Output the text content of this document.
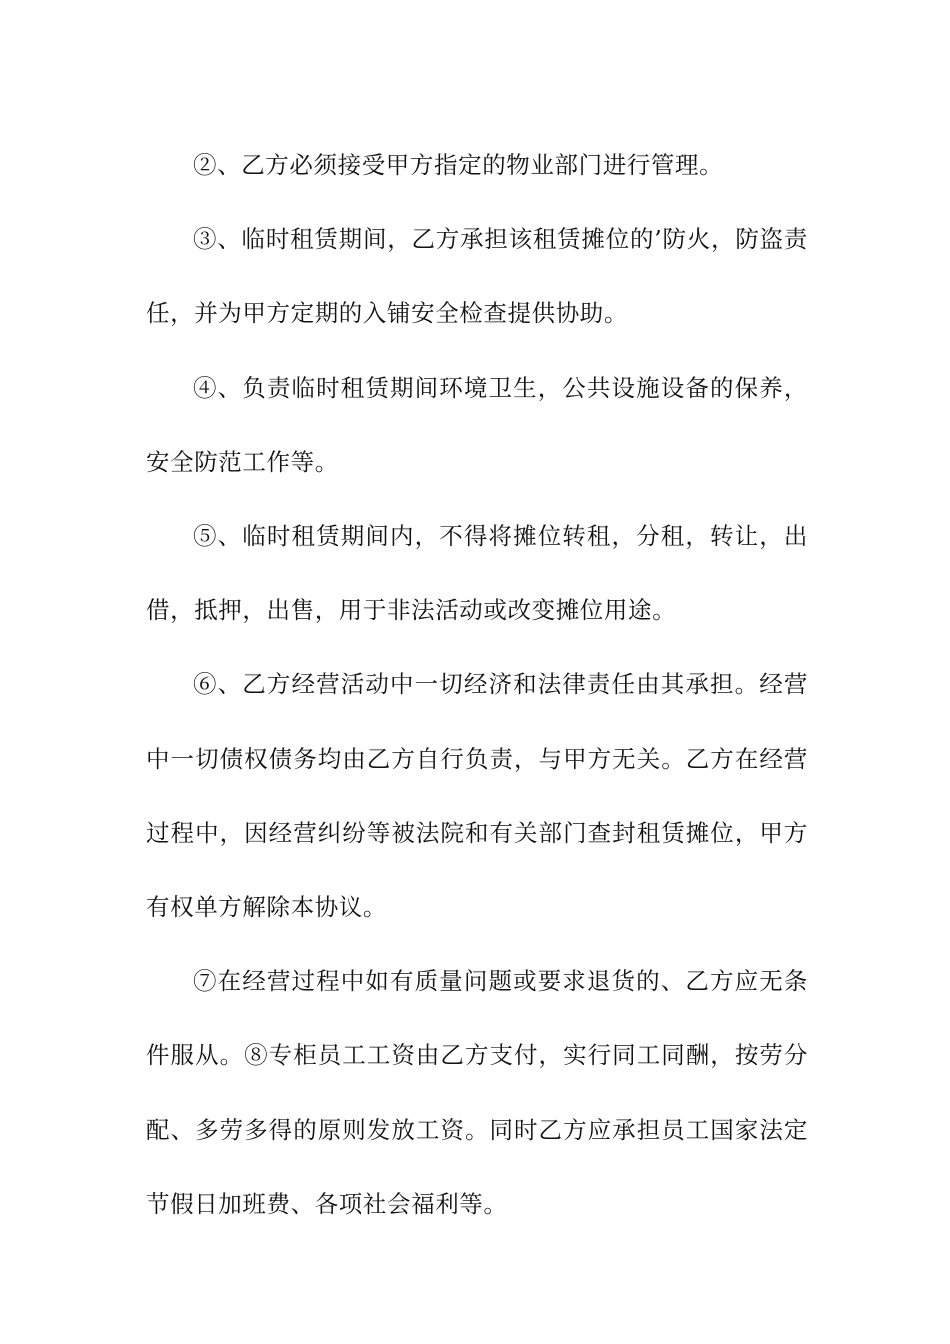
②、乙方必须接受甲方指定的物业部门进行管理。

③、临时租赁期间，乙方承担该租赁摊位的’防火，防盗责任，并为甲方定期的入铺安全检查提供协助。

④、负责临时租赁期间环境卫生，公共设施设备的保养，安全防范工作等。

⑤、临时租赁期间内，不得将摊位转租，分租，转让，出借，抵押，出售，用于非法活动或改变摊位用途。

⑥、乙方经营活动中一切经济和法律责任由其承担。经营中一切债权债务均由乙方自行负责，与甲方无关。乙方在经营过程中，因经营纠纷等被法院和有关部门查封租赁摊位，甲方有权单方解除本协议。

⑦在经营过程中如有质量问题或要求退货的、乙方应无条件服从。⑧专柜员工工资由乙方支付，实行同工同酬，按劳分配、多劳多得的原则发放工资。同时乙方应承担员工国家法定节假日加班费、各项社会福利等。
